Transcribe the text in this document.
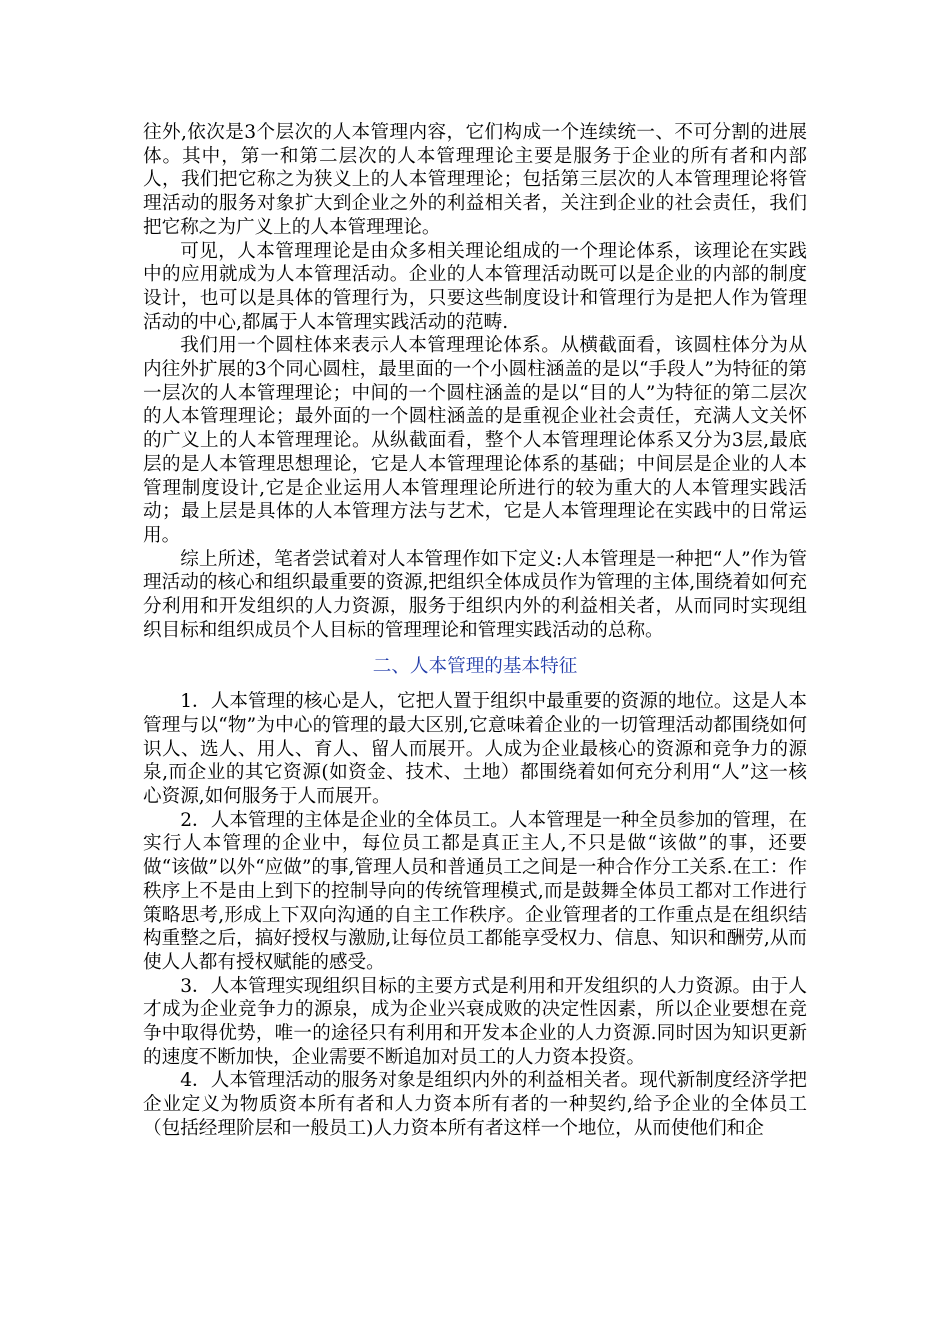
往外,依次是3个层次的人本管理内容，它们构成一个连续统一、不可分割的进展体。其中，第一和第二层次的人本管理理论主要是服务于企业的所有者和内部人，我们把它称之为狭义上的人本管理理论；包括第三层次的人本管理理论将管理活动的服务对象扩大到企业之外的利益相关者，关注到企业的社会责任，我们把它称之为广义上的人本管理理论。

可见，人本管理理论是由众多相关理论组成的一个理论体系，该理论在实践中的应用就成为人本管理活动。企业的人本管理活动既可以是企业的内部的制度设计，也可以是具体的管理行为，只要这些制度设计和管理行为是把人作为管理活动的中心,都属于人本管理实践活动的范畴.

我们用一个圆柱体来表示人本管理理论体系。从横截面看，该圆柱体分为从内往外扩展的3个同心圆柱，最里面的一个小圆柱涵盖的是以“手段人”为特征的第一层次的人本管理理论；中间的一个圆柱涵盖的是以“目的人”为特征的第二层次的人本管理理论；最外面的一个圆柱涵盖的是重视企业社会责任，充满人文关怀的广义上的人本管理理论。从纵截面看，整个人本管理理论体系又分为3层,最底层的是人本管理思想理论，它是人本管理理论体系的基础；中间层是企业的人本管理制度设计,它是企业运用人本管理理论所进行的较为重大的人本管理实践活动；最上层是具体的人本管理方法与艺术，它是人本管理理论在实践中的日常运用。

综上所述，笔者尝试着对人本管理作如下定义:人本管理是一种把“人”作为管理活动的核心和组织最重要的资源,把组织全体成员作为管理的主体,围绕着如何充分利用和开发组织的人力资源，服务于组织内外的利益相关者，从而同时实现组织目标和组织成员个人目标的管理理论和管理实践活动的总称。

二、人本管理的基本特征

1．人本管理的核心是人，它把人置于组织中最重要的资源的地位。这是人本管理与以“物”为中心的管理的最大区别,它意味着企业的一切管理活动都围绕如何识人、选人、用人、育人、留人而展开。人成为企业最核心的资源和竞争力的源泉,而企业的其它资源(如资金、技术、土地）都围绕着如何充分利用“人”这一核心资源,如何服务于人而展开。

2．人本管理的主体是企业的全体员工。人本管理是一种全员参加的管理，在实行人本管理的企业中，每位员工都是真正主人,不只是做“该做”的事，还要做“该做”以外“应做”的事,管理人员和普通员工之间是一种合作分工关系.在工：作秩序上不是由上到下的控制导向的传统管理模式,而是鼓舞全体员工都对工作进行策略思考,形成上下双向沟通的自主工作秩序。企业管理者的工作重点是在组织结构重整之后，搞好授权与激励,让每位员工都能享受权力、信息、知识和酬劳,从而使人人都有授权赋能的感受。

3．人本管理实现组织目标的主要方式是利用和开发组织的人力资源。由于人才成为企业竞争力的源泉，成为企业兴衰成败的决定性因素，所以企业要想在竞争中取得优势，唯一的途径只有利用和开发本企业的人力资源.同时因为知识更新的速度不断加快，企业需要不断追加对员工的人力资本投资。

4．人本管理活动的服务对象是组织内外的利益相关者。现代新制度经济学把企业定义为物质资本所有者和人力资本所有者的一种契约,给予企业的全体员工（包括经理阶层和一般员工)人力资本所有者这样一个地位，从而使他们和企
